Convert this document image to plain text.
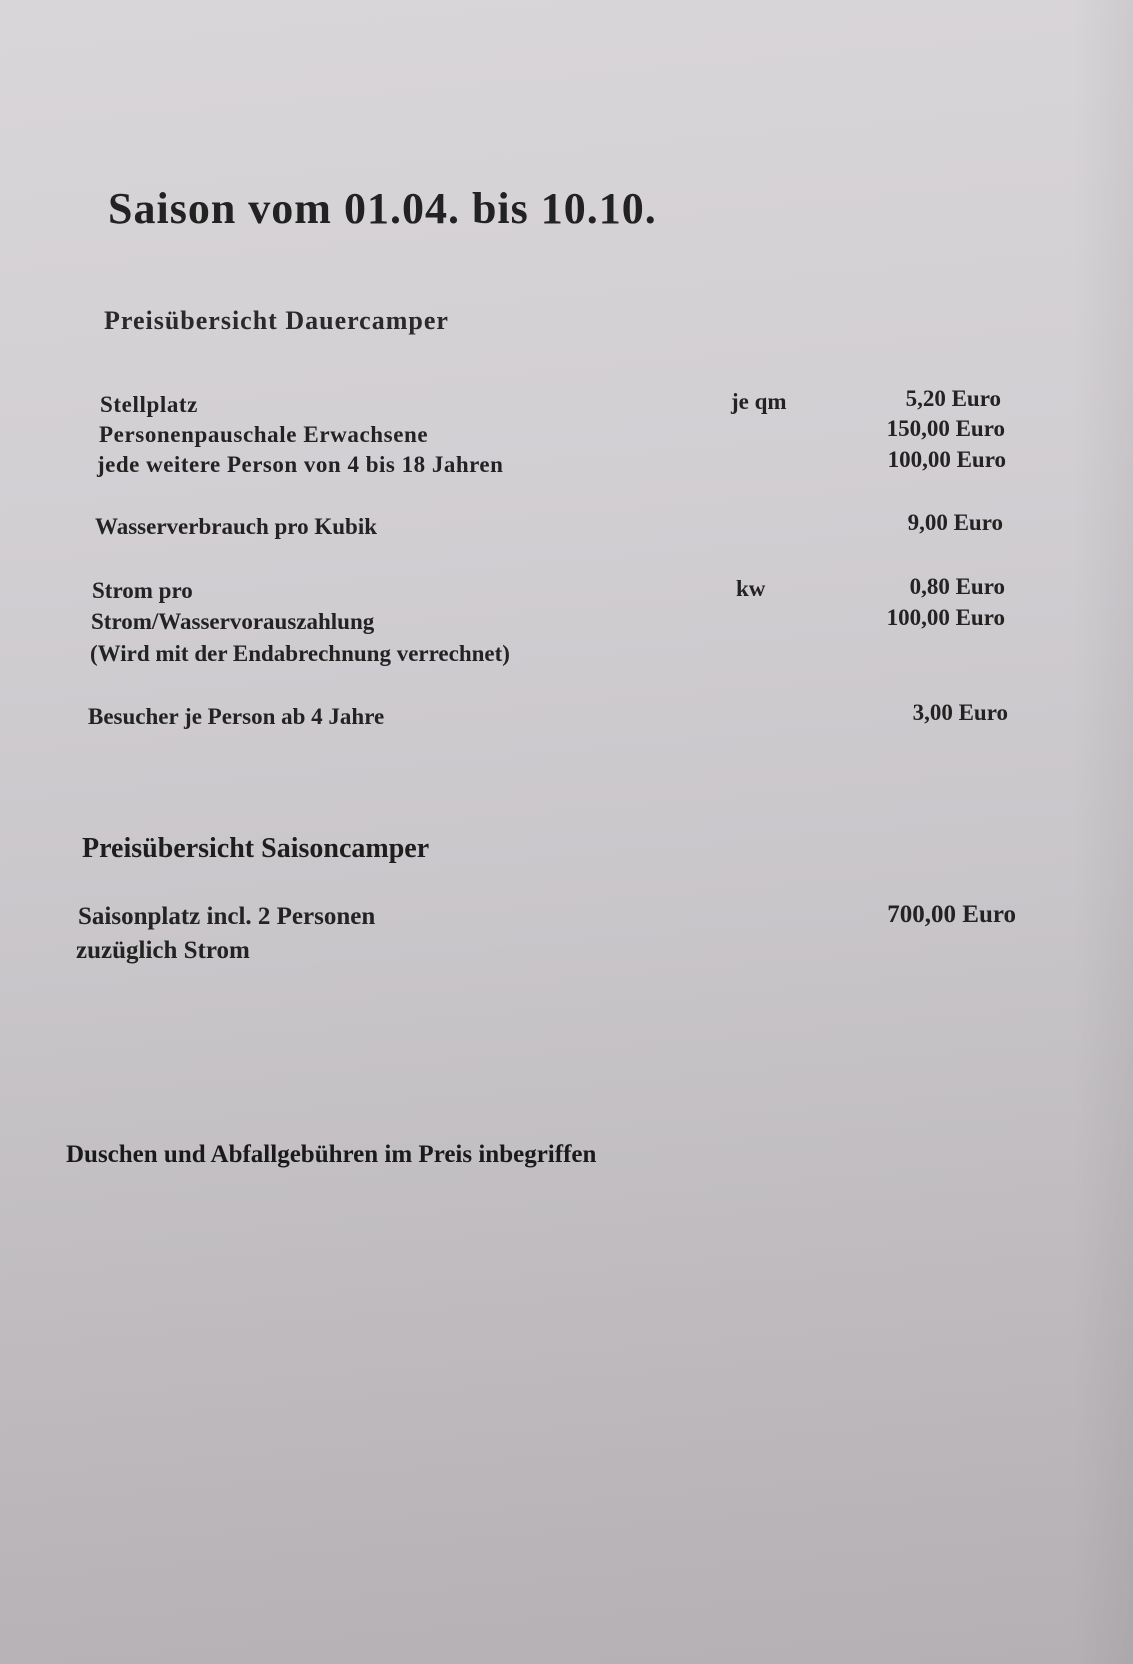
Saison vom 01.04. bis 10.10.
Preisübersicht Dauercamper
Stellplatz	je qm	5,20 Euro
Personenpauschale Erwachsene	150,00 Euro
jede weitere Person von 4 bis 18 Jahren	100,00 Euro
Wasserverbrauch pro Kubik	9,00 Euro
Strom pro	kw	0,80 Euro
Strom/Wasservorauszahlung	100,00 Euro
(Wird mit der Endabrechnung verrechnet)
Besucher je Person ab 4 Jahre	3,00 Euro
Preisübersicht Saisoncamper
Saisonplatz incl. 2 Personen	700,00 Euro
zuzüglich Strom
Duschen und Abfallgebühren im Preis inbegriffen
